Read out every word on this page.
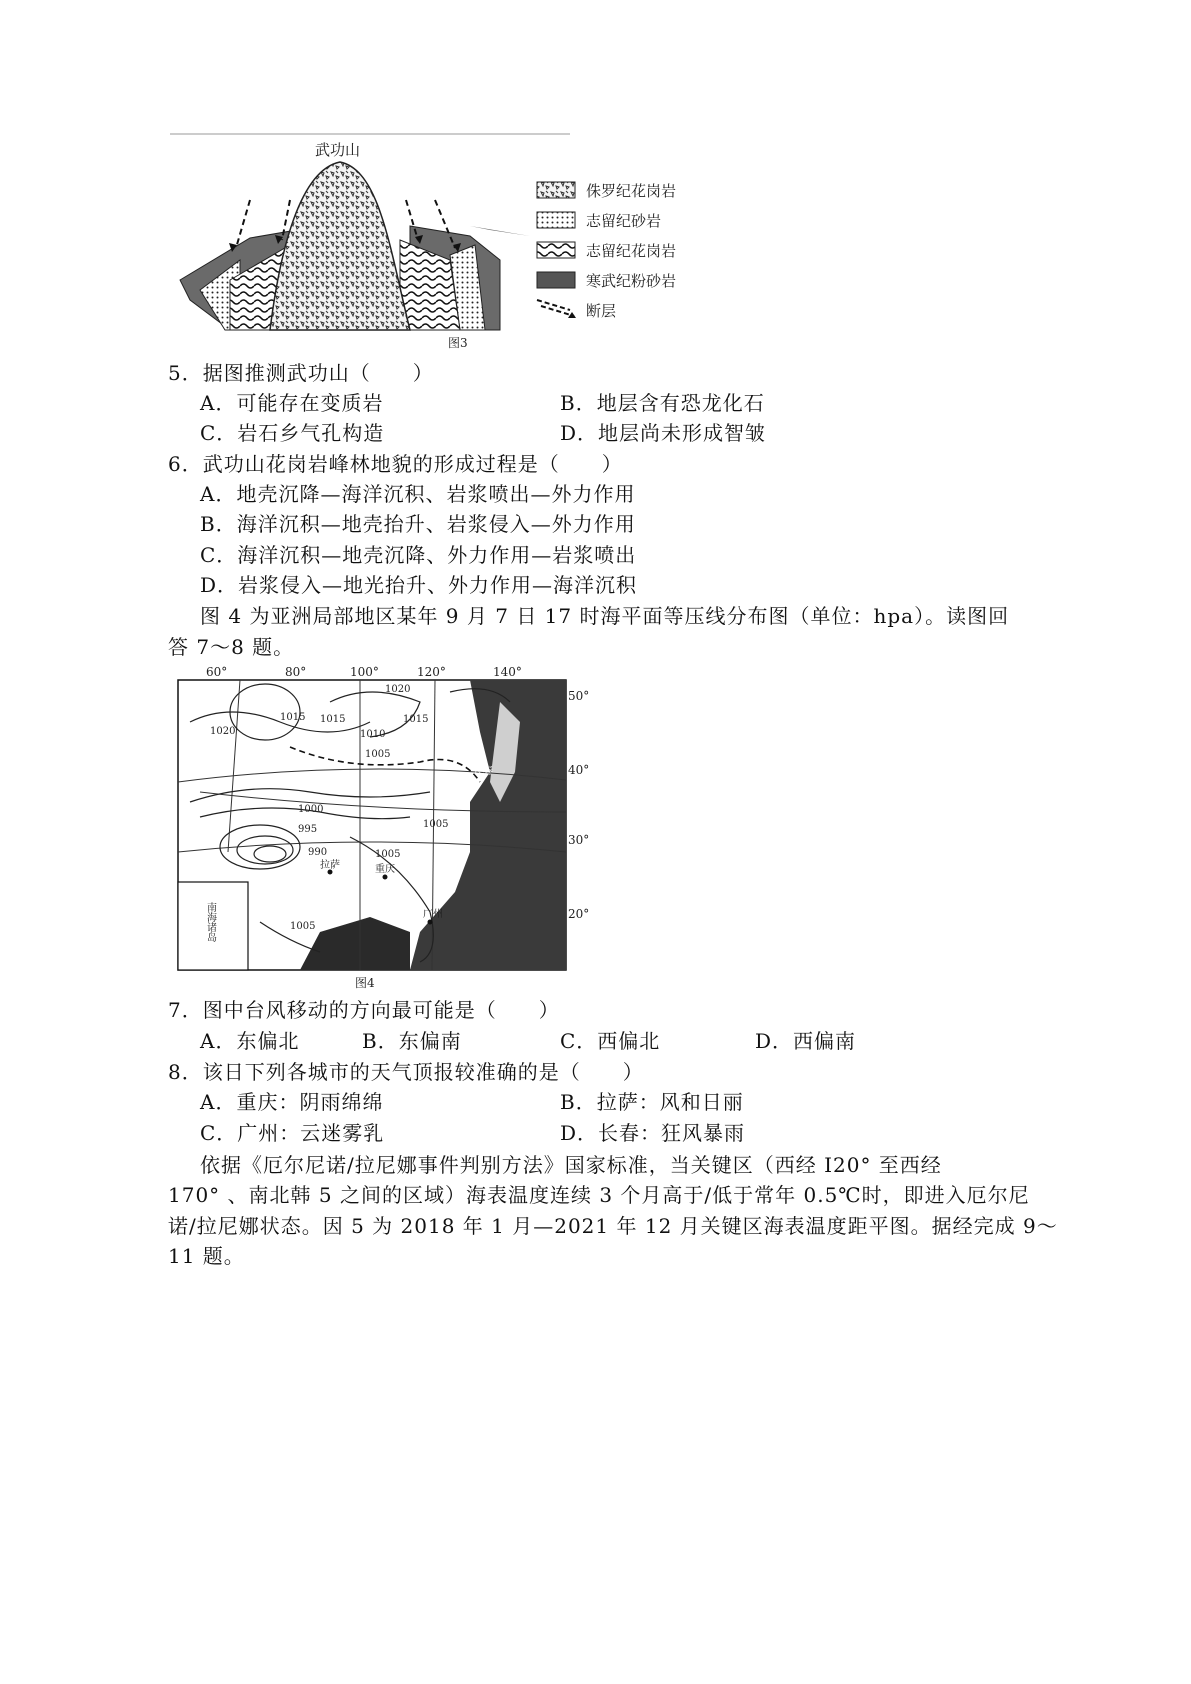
武功山
图3
侏罗纪花岗岩
志留纪砂岩
志留纪花岗岩
寒武纪粉砂岩
断层
5．据图推测武功山（　　）
A．可能存在变质岩	B．地层含有恐龙化石
C．岩石乡气孔构造	D．地层尚未形成智皱
6．武功山花岗岩峰林地貌的形成过程是（　　）
A．地壳沉降—海洋沉积、岩浆喷出—外力作用
B．海洋沉积—地壳抬升、岩浆侵入—外力作用
C．海洋沉积—地壳沉降、外力作用—岩浆喷出
D．岩浆侵入—地光抬升、外力作用—海洋沉积
图 4 为亚洲局部地区某年 9 月 7 日 17 时海平面等压线分布图（单位：hpa）。读图回
答 7～8 题。
60°	80°	100°	120°	140°
50°
40°
30°
20°
南海诸岛
1020
1015 1015	1015
1020	1010
1005
1000
995
990	1005
1005
1005
重庆
广州
长春
拉萨
图4
7．图中台风移动的方向最可能是（　　）
A．东偏北	B．东偏南	C．西偏北	D．西偏南
8．该日下列各城市的天气顶报较准确的是（　　）
A．重庆：阴雨绵绵	B．拉萨：风和日丽
C．广州：云迷雾乳	D．长春：狂风暴雨
依据《厄尔尼诺/拉尼娜事件判别方法》国家标准，当关键区（西经 I20° 至西经
170° 、南北韩 5 之间的区域）海表温度连续 3 个月高于/低于常年 0.5℃时，即进入厄尔尼
诺/拉尼娜状态。因 5 为 2018 年 1 月—2021 年 12 月关键区海表温度距平图。据经完成 9～
11 题。
